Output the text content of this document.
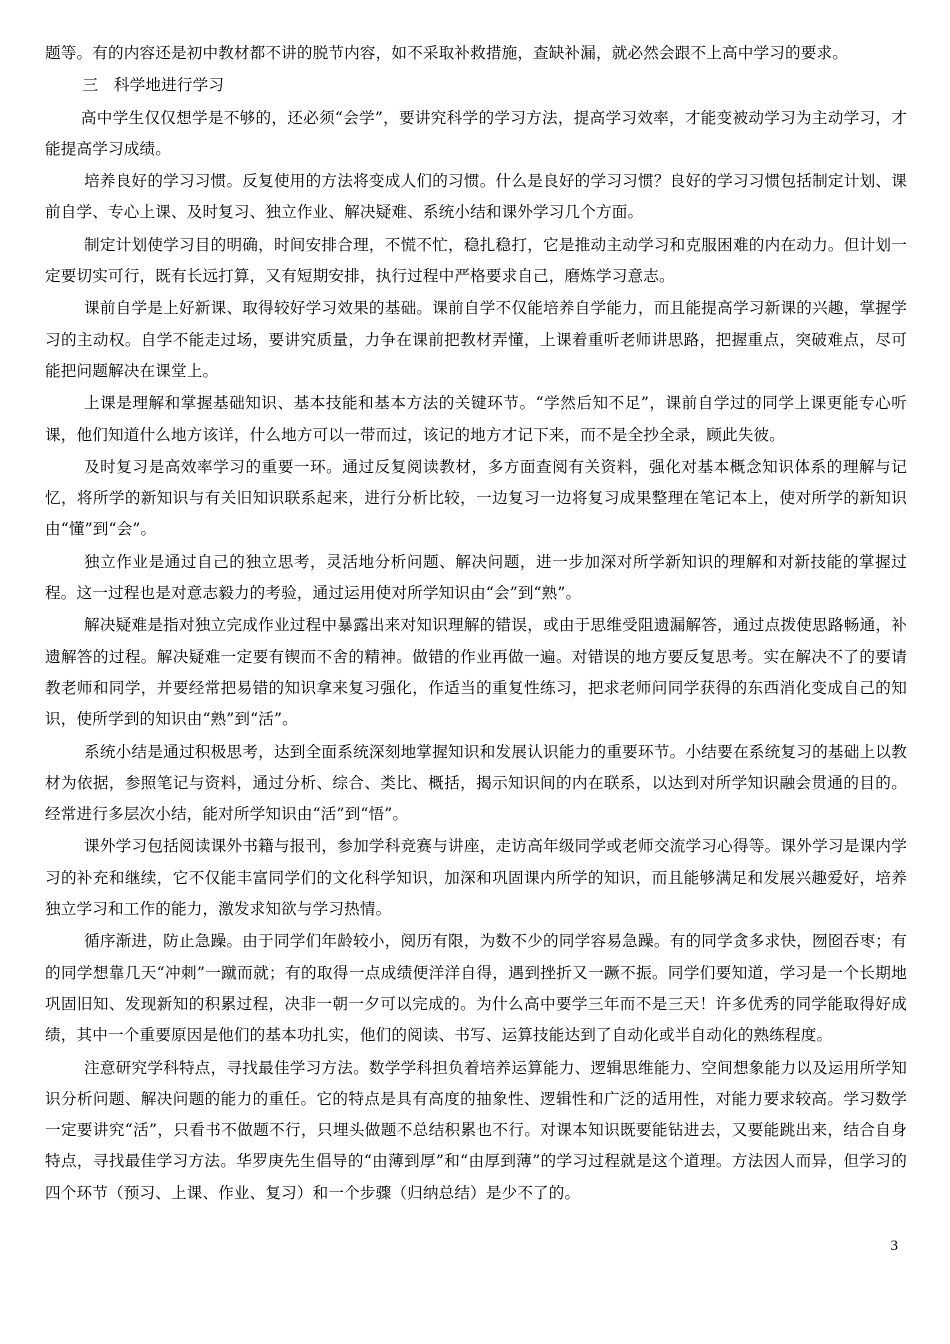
题等。有的内容还是初中教材都不讲的脱节内容，如不采取补救措施，查缺补漏，就必然会跟不上高中学习的要求。

三　科学地进行学习

高中学生仅仅想学是不够的，还必须“会学”，要讲究科学的学习方法，提高学习效率，才能变被动学习为主动学习，才能提高学习成绩。

培养良好的学习习惯。反复使用的方法将变成人们的习惯。什么是良好的学习习惯？良好的学习习惯包括制定计划、课前自学、专心上课、及时复习、独立作业、解决疑难、系统小结和课外学习几个方面。

制定计划使学习目的明确，时间安排合理，不慌不忙，稳扎稳打，它是推动主动学习和克服困难的内在动力。但计划一定要切实可行，既有长远打算，又有短期安排，执行过程中严格要求自己，磨炼学习意志。

课前自学是上好新课、取得较好学习效果的基础。课前自学不仅能培养自学能力，而且能提高学习新课的兴趣，掌握学习的主动权。自学不能走过场，要讲究质量，力争在课前把教材弄懂，上课着重听老师讲思路，把握重点，突破难点，尽可能把问题解决在课堂上。

上课是理解和掌握基础知识、基本技能和基本方法的关键环节。“学然后知不足”，课前自学过的同学上课更能专心听课，他们知道什么地方该详，什么地方可以一带而过，该记的地方才记下来，而不是全抄全录，顾此失彼。

及时复习是高效率学习的重要一环。通过反复阅读教材，多方面查阅有关资料，强化对基本概念知识体系的理解与记忆，将所学的新知识与有关旧知识联系起来，进行分析比较，一边复习一边将复习成果整理在笔记本上，使对所学的新知识由“懂”到“会”。

独立作业是通过自己的独立思考，灵活地分析问题、解决问题，进一步加深对所学新知识的理解和对新技能的掌握过程。这一过程也是对意志毅力的考验，通过运用使对所学知识由“会”到“熟”。

解决疑难是指对独立完成作业过程中暴露出来对知识理解的错误，或由于思维受阻遗漏解答，通过点拨使思路畅通，补遗解答的过程。解决疑难一定要有锲而不舍的精神。做错的作业再做一遍。对错误的地方要反复思考。实在解决不了的要请教老师和同学，并要经常把易错的知识拿来复习强化，作适当的重复性练习，把求老师问同学获得的东西消化变成自己的知识，使所学到的知识由“熟”到“活”。

系统小结是通过积极思考，达到全面系统深刻地掌握知识和发展认识能力的重要环节。小结要在系统复习的基础上以教材为依据，参照笔记与资料，通过分析、综合、类比、概括，揭示知识间的内在联系，以达到对所学知识融会贯通的目的。经常进行多层次小结，能对所学知识由“活”到“悟”。

课外学习包括阅读课外书籍与报刊，参加学科竞赛与讲座，走访高年级同学或老师交流学习心得等。课外学习是课内学习的补充和继续，它不仅能丰富同学们的文化科学知识，加深和巩固课内所学的知识，而且能够满足和发展兴趣爱好，培养独立学习和工作的能力，激发求知欲与学习热情。

循序渐进，防止急躁。由于同学们年龄较小，阅历有限，为数不少的同学容易急躁。有的同学贪多求快，囫囵吞枣；有的同学想靠几天“冲刺”一蹴而就；有的取得一点成绩便洋洋自得，遇到挫折又一蹶不振。同学们要知道，学习是一个长期地巩固旧知、发现新知的积累过程，决非一朝一夕可以完成的。为什么高中要学三年而不是三天！许多优秀的同学能取得好成绩，其中一个重要原因是他们的基本功扎实，他们的阅读、书写、运算技能达到了自动化或半自动化的熟练程度。

注意研究学科特点，寻找最佳学习方法。数学学科担负着培养运算能力、逻辑思维能力、空间想象能力以及运用所学知识分析问题、解决问题的能力的重任。它的特点是具有高度的抽象性、逻辑性和广泛的适用性，对能力要求较高。学习数学一定要讲究“活”，只看书不做题不行，只埋头做题不总结积累也不行。对课本知识既要能钻进去，又要能跳出来，结合自身特点，寻找最佳学习方法。华罗庚先生倡导的“由薄到厚”和“由厚到薄”的学习过程就是这个道理。方法因人而异，但学习的四个环节（预习、上课、作业、复习）和一个步骤（归纳总结）是少不了的。

3
